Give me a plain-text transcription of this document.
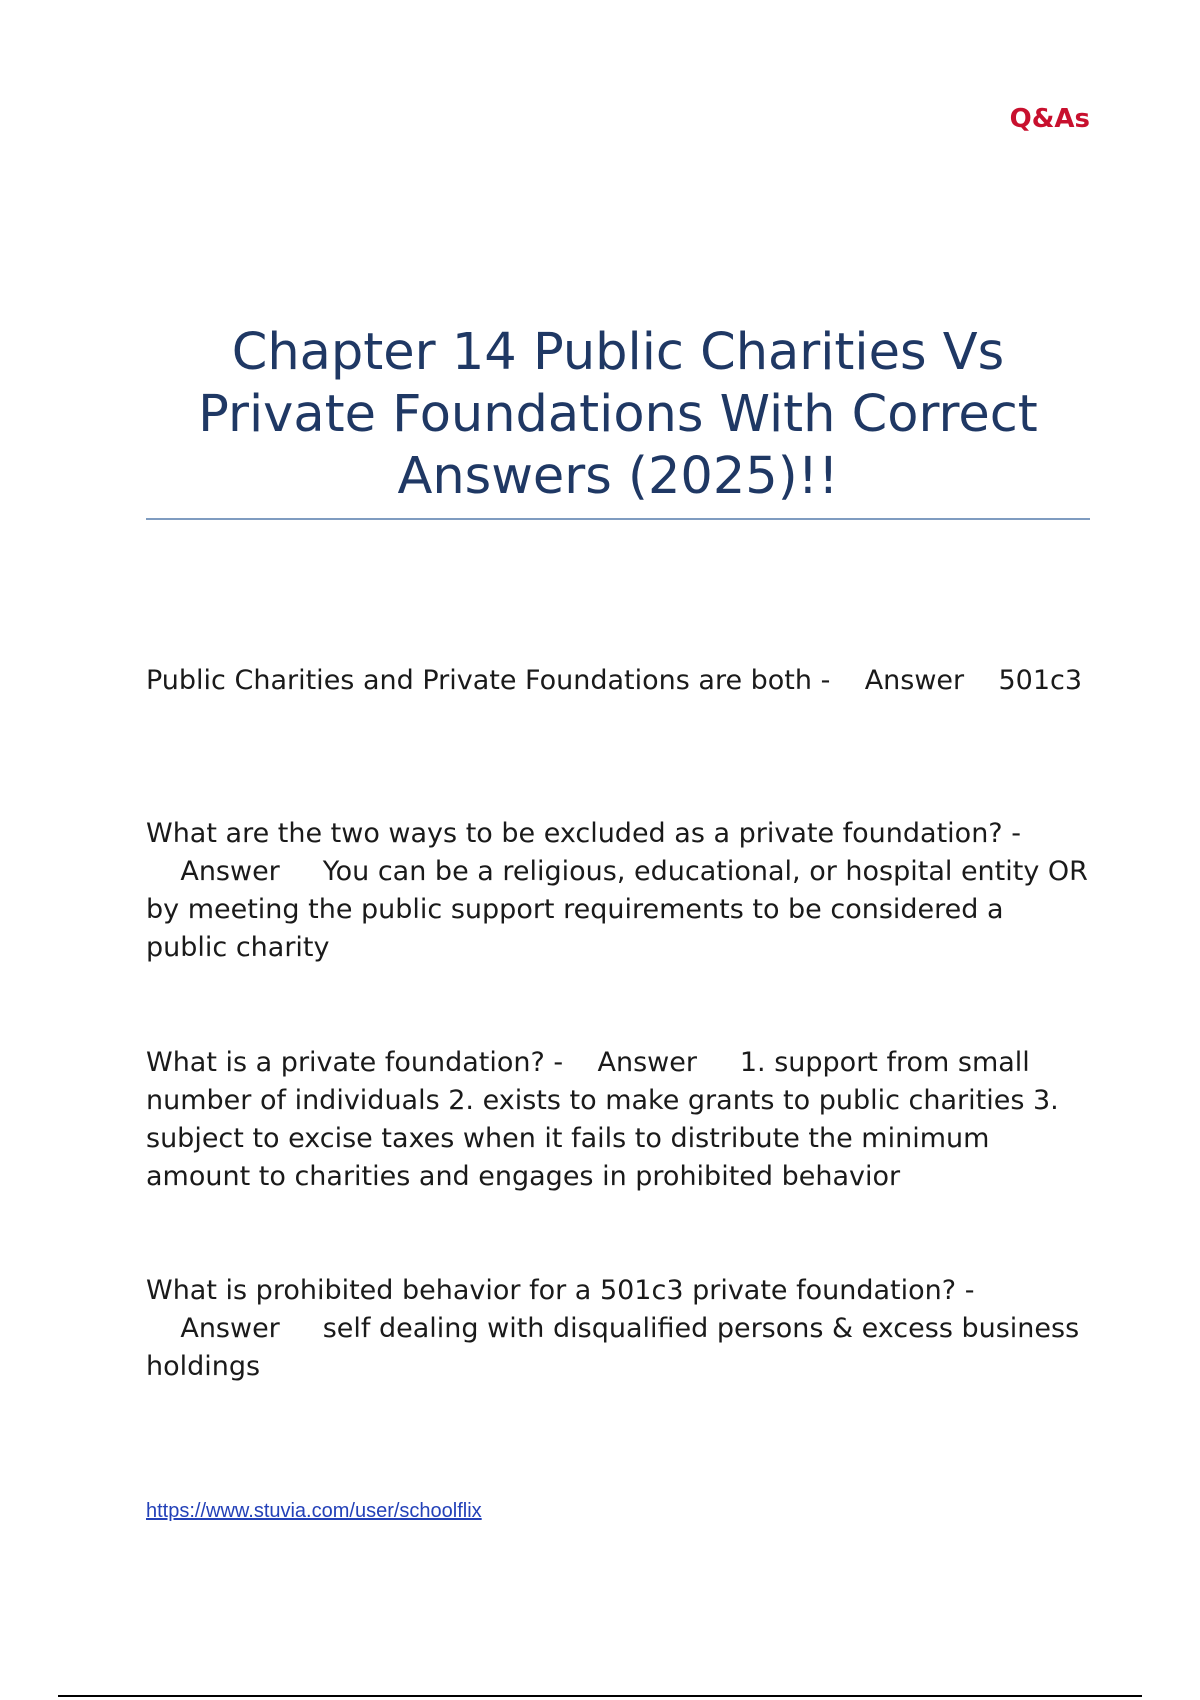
Q&As
Chapter 14 Public Charities Vs Private Foundations With Correct Answers (2025)!!

Public Charities and Private Foundations are both - Answer 501c3

What are the two ways to be excluded as a private foundation? -    Answer You can be a religious, educational, or hospital entity OR by meeting the public support requirements to be considered a public charity

What is a private foundation? - Answer 1. support from small number of individuals 2. exists to make grants to public charities 3. subject to excise taxes when it fails to distribute the minimum amount to charities and engages in prohibited behavior

What is prohibited behavior for a 501c3 private foundation? -    Answer self dealing with disqualified persons & excess business holdings

https://www.stuvia.com/user/schoolflix
